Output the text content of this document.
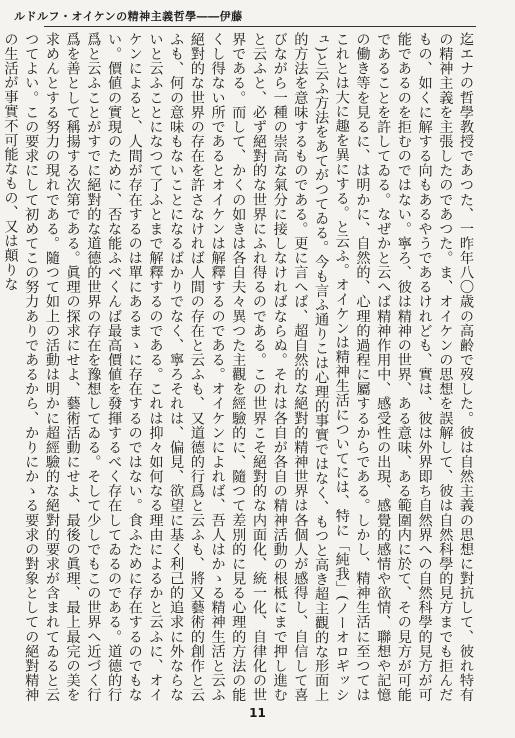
ルドルフ・オイケンの精神主義哲學――伊藤

迄エナの哲學教授であつた、一昨年八〇歳の高齢で歿した。彼は自然主義の思想に對抗して、彼れ特有の精神主義を主張したのであつた。ま、オイケンの思想を誤解して、彼は自然科學的見方までも拒んだもの、如くに解する向もあるやうであるけれども、實は、彼は外界即ち自然界への自然科學的見方が可能であるのを拒むのではない。寧ろ、彼は精神の世界、ある意味、ある範圍内に於て、その見方が可能であることを許してゐる。なぜかと云へば精神作用中、感受性の出現、感覺的感情や欲情、聯想や記憶の働き等を見るに、は明かに、自然的、心理的過程に屬するからである。しかし、精神生活に至つてはこれとは大に趣を異にする。と云ふ。オイケンは精神生活についてには、特に「純我」(ノーオロギッシュ)と云ふ方法をあてがつてゐる。今も言ふ通りこは心理的事實ではなく、もつと高き超主觀的な形面上的方法を意味するものである。更に言へば、超自然的な絕對的精神世界は各個人が感得し、自信して喜びながら一種の崇高な氣分に接しなければならぬ。それは各自が各自の精神活動の根柢にまで押し進むと云ふと、必ず絕對的な世界にふれ得るのである。この世界こそ絕對的な内面化、統一化、自律化の世界である。而して、かくの如きは各自夫々異つた主觀を經驗的に、隨つて差別的に見る心理的方法の能くし得ない所であるとオイケンは解釋するのである。オイケンによれば、吾人はかゝる精神生活と云ふ絕對的な世界の存在を許さなければ人間の存在と云ふも、又道德的行爲と云ふも、將又藝術的創作と云ふも、何の意味もないことになるばかりでなく、寧ろそれは、偏見、欲望に基く利己的追求に外ならないと云ふことになつて了ふとまで解釋するのである。これは抑々如何なる理由によるかと云ふに、オイケンによると、人間が存在するのは單にあるまゝに存在するのではない。食ふために存在するのでもない。價値の實現のために、否な能ふべくんば最高價値を發揮するべく存在してゐるのである。道德的行爲と云ふことがすでに絕對的な道德的世界の存在を豫想してゐる。そして少しでもこの世界へ近づく行爲を善として稱揚する次第である。眞理の探求にせよ、藝術活動にせよ、最後の眞理、最上最完の美を求めんとする努力の現れである。隨つて如上の活動は明かに超經驗的な絕對的要求が含まれてゐると云つてよい。この要求にして初めてこの努力ありであるから、かりにかゝる要求の對象としての絕對精神の生活が事實不可能なもの、又は顛りな

11
